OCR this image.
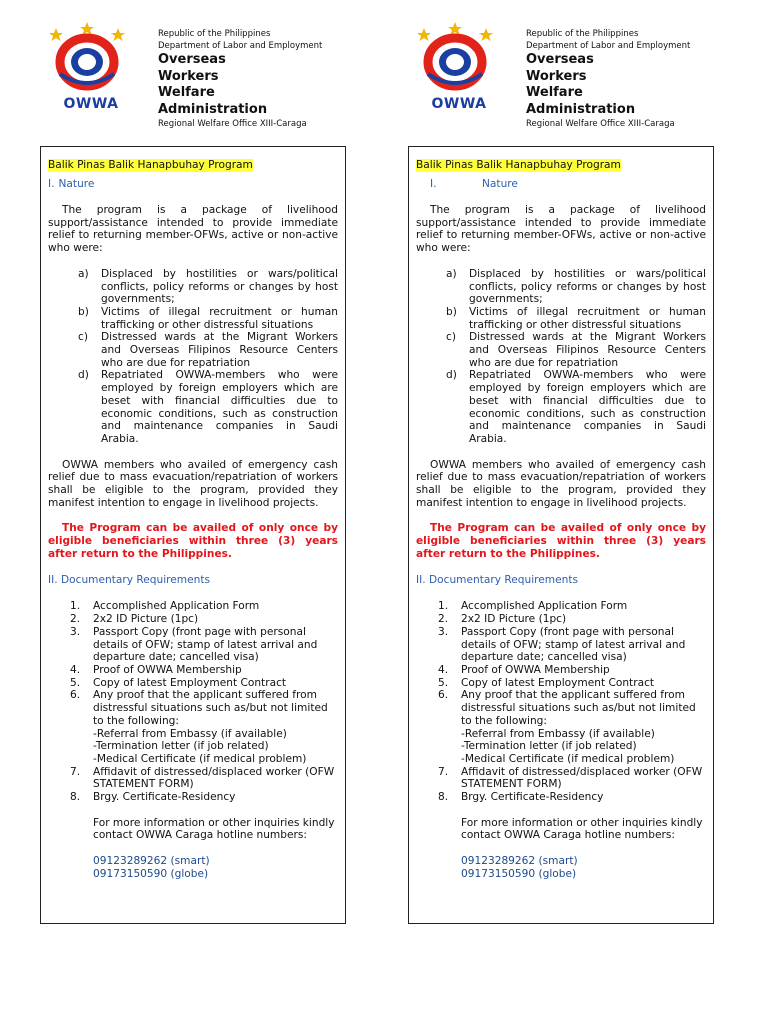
OWWA
Republic of the Philippines
Department of Labor and Employment
Overseas
Workers
Welfare
Administration
Regional Welfare Office XIII-Caraga
Balik Pinas Balik Hanapbuhay Program
I. Nature

The program is a package of livelihood support/assistance intended to provide immediate relief to returning member-OFWs, active or non-active who were:

a) Displaced by hostilities or wars/political conflicts, policy reforms or changes by host governments;
b) Victims of illegal recruitment or human trafficking or other distressful situations
c) Distressed wards at the Migrant Workers and Overseas Filipinos Resource Centers who are due for repatriation
d) Repatriated OWWA-members who were employed by foreign employers which are beset with financial difficulties due to economic conditions, such as construction and maintenance companies in Saudi Arabia.

OWWA members who availed of emergency cash relief due to mass evacuation/repatriation of workers shall be eligible to the program, provided they manifest intention to engage in livelihood projects.

The Program can be availed of only once by eligible beneficiaries within three (3) years after return to the Philippines.

II. Documentary Requirements
1. Accomplished Application Form
2. 2x2 ID Picture (1pc)
3. Passport Copy (front page with personal details of OFW; stamp of latest arrival and departure date; cancelled visa)
4. Proof of OWWA Membership
5. Copy of latest Employment Contract
6. Any proof that the applicant suffered from distressful situations such as/but not limited to the following:
-Referral from Embassy (if available)
-Termination letter (if job related)
-Medical Certificate (if medical problem)
7. Affidavit of distressed/displaced worker (OFW STATEMENT FORM)
8. Brgy. Certificate-Residency

For more information or other inquiries kindly contact OWWA Caraga hotline numbers:

09123289262 (smart)
09173150590 (globe)
OWWA
Republic of the Philippines
Department of Labor and Employment
Overseas
Workers
Welfare
Administration
Regional Welfare Office XIII-Caraga
Balik Pinas Balik Hanapbuhay Program
I.	Nature

The program is a package of livelihood support/assistance intended to provide immediate relief to returning member-OFWs, active or non-active who were:

a) Displaced by hostilities or wars/political conflicts, policy reforms or changes by host governments;
b) Victims of illegal recruitment or human trafficking or other distressful situations
c) Distressed wards at the Migrant Workers and Overseas Filipinos Resource Centers who are due for repatriation
d) Repatriated OWWA-members who were employed by foreign employers which are beset with financial difficulties due to economic conditions, such as construction and maintenance companies in Saudi Arabia.

OWWA members who availed of emergency cash relief due to mass evacuation/repatriation of workers shall be eligible to the program, provided they manifest intention to engage in livelihood projects.

The Program can be availed of only once by eligible beneficiaries within three (3) years after return to the Philippines.

II. Documentary Requirements
1. Accomplished Application Form
2. 2x2 ID Picture (1pc)
3. Passport Copy (front page with personal details of OFW; stamp of latest arrival and departure date; cancelled visa)
4. Proof of OWWA Membership
5. Copy of latest Employment Contract
6. Any proof that the applicant suffered from distressful situations such as/but not limited to the following:
-Referral from Embassy (if available)
-Termination letter (if job related)
-Medical Certificate (if medical problem)
7. Affidavit of distressed/displaced worker (OFW STATEMENT FORM)
8. Brgy. Certificate-Residency

For more information or other inquiries kindly contact OWWA Caraga hotline numbers:

09123289262 (smart)
09173150590 (globe)
